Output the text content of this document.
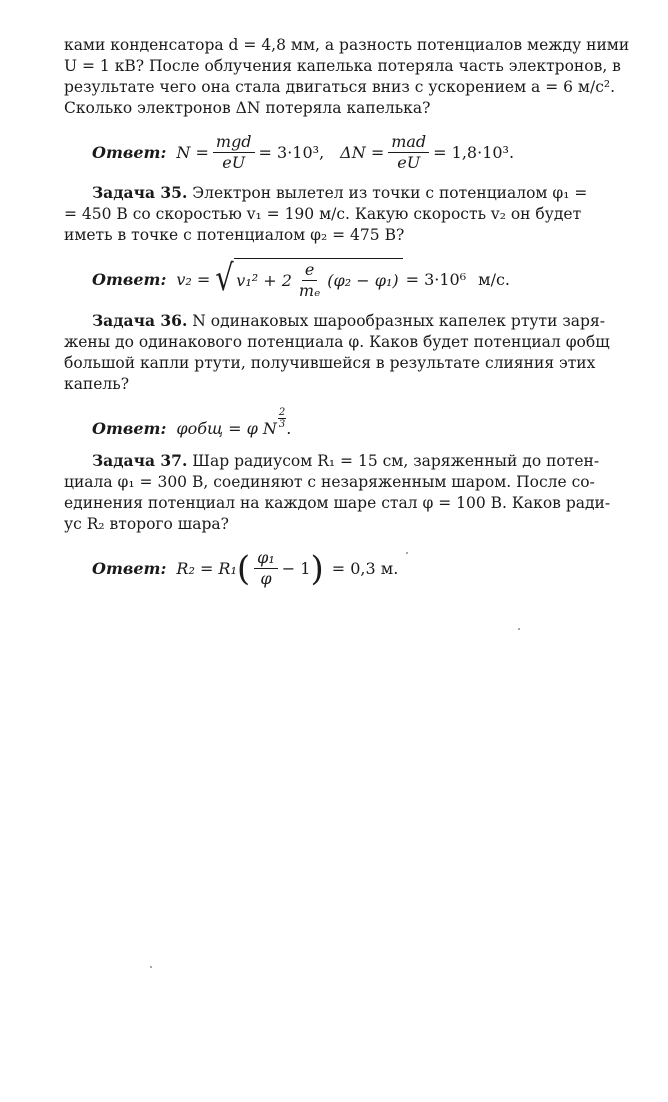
ками конденсатора d = 4,8 мм, а разность потенциалов между ними
U = 1 кВ? После облучения капелька потеряла часть электронов, в
результате чего она стала двигаться вниз с ускорением a = 6 м/с².
Сколько электронов ΔN потеряла капелька?
Ответ: $N = \frac{\text{mgd}}{eU} = 3\cdot 10^3$, $\Delta N = \frac{\text{mad}}{eU} = 1,8\cdot 10^3$.
Задача 35. Электрон вылетел из точки с потенциалом φ₁ =
= 450 В со скоростью v₁ = 190 м/с. Какую скорость v₂ он будет
иметь в точке с потенциалом φ₂ = 475 В?
Ответ: v₂ = √ $v_1^2 + 2 \frac{e}{\text{mₑ}} (\varphi_2 - \varphi_1) = 3\cdot 10^6$ м/с.
Задача 36. N одинаковых шарообразных капелек ртути заря-
жены до одинакового потенциала φ. Каков будет потенциал φобщ
большой капли ртути, получившейся в результате слияния этих
капель?
Ответ: φобщ = φ N $\frac{2}{3}$ .
Задача 37. Шар радиусом R₁ = 15 см, заряженный до потен-
циала φ₁ = 300 В, соединяют с незаряженным шаром. После со-
единения потенциал на каждом шаре стал φ = 100 В. Каков ради-
ус R₂ второго шара?
Ответ: R₂ = R₁ ( $\frac{\text{φ₁}}{\varphi} - 1$ ) = 0,3 м.
